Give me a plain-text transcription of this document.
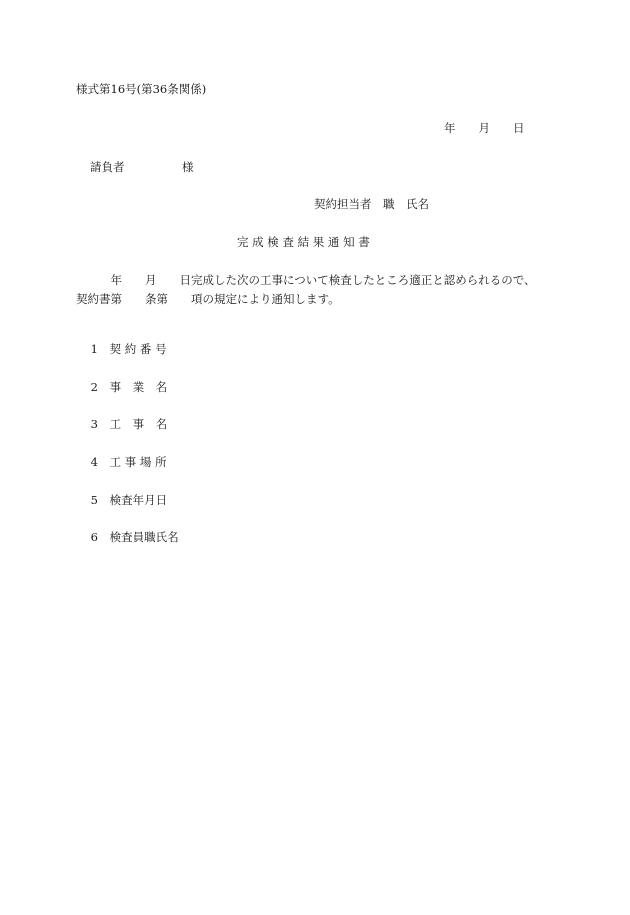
様式第16号(第36条関係)
年　　月　　日
請負者　　　　　様
契約担当者　職　氏名
完 成 検 査 結 果 通 知 書
　　　年　　月　　日完成した次の工事について検査したところ適正と認められるので、
契約書第　　条第　　項の規定により通知します。

1 契 約 番 号

2 事　業　名

3 工　事　名

4 工 事 場 所

5 検査年月日

6 検査員職氏名
